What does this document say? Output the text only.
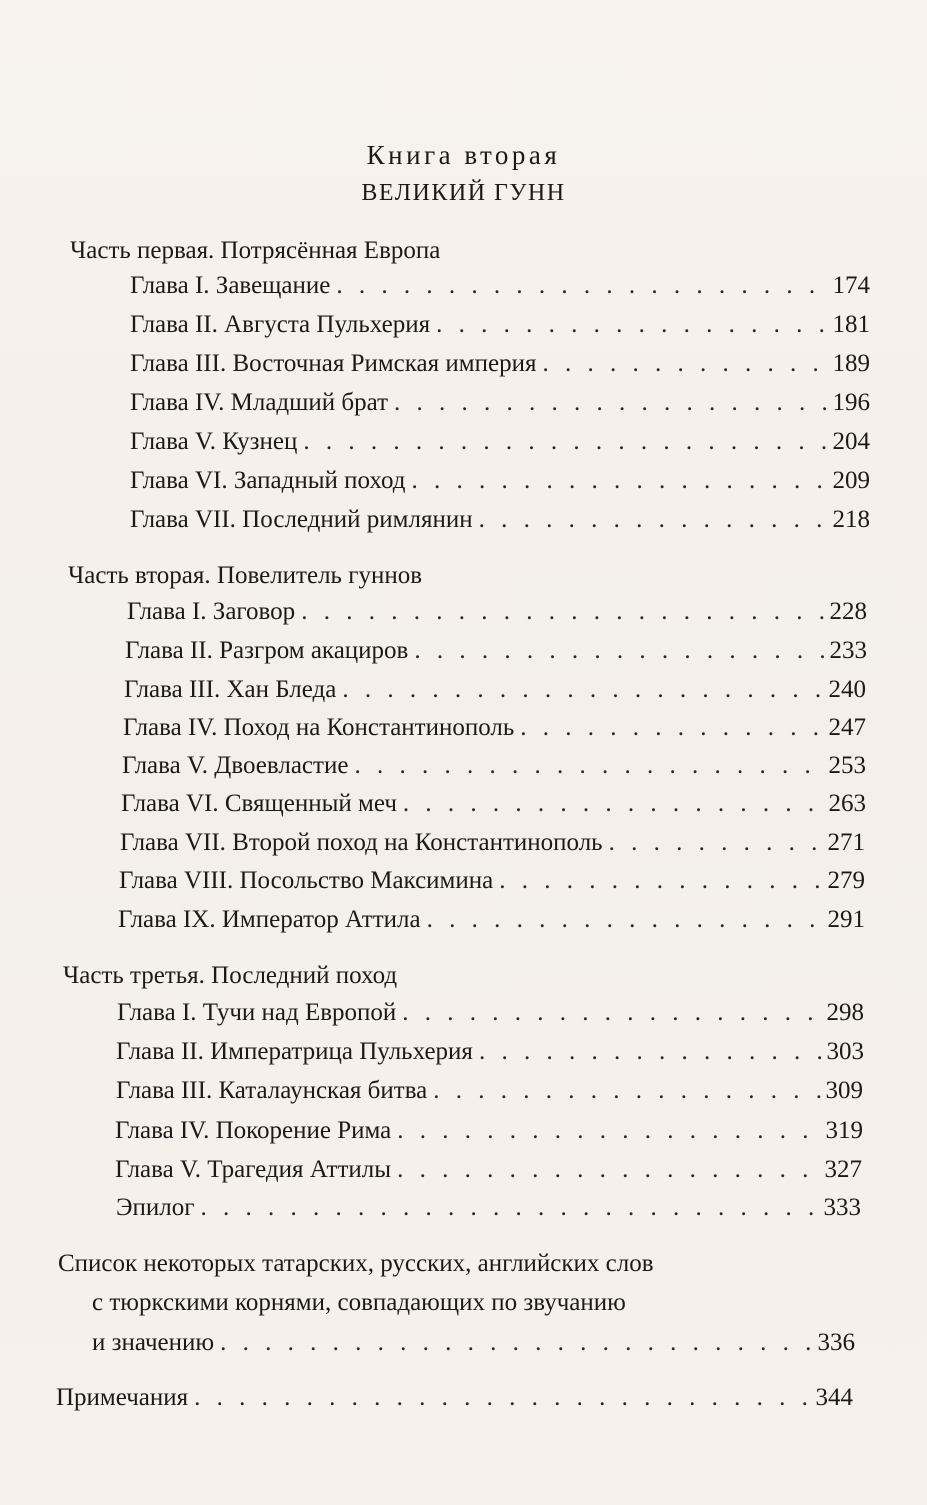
Книга вторая
ВЕЛИКИЙ ГУНН
Часть первая. Потрясённая Европа
Глава I. Завещание . . .	174
Глава II. Августа Пульхерия . . .	181
Глава III. Восточная Римская империя . . .	189
Глава IV. Младший брат . . .	196
Глава V. Кузнец . . .	204
Глава VI. Западный поход . . .	209
Глава VII. Последний римлянин . . .	218
Часть вторая. Повелитель гуннов
Глава I. Заговор . . .	228
Глава II. Разгром акациров . . .	233
Глава III. Хан Бледа . . .	240
Глава IV. Поход на Константинополь . . .	247
Глава V. Двоевластие . . .	253
Глава VI. Священный меч . . .	263
Глава VII. Второй поход на Константинополь . . .	271
Глава VIII. Посольство Максимина . . .	279
Глава IX. Император Аттила . . .	291
Часть третья. Последний поход
Глава I. Тучи над Европой . . .	298
Глава II. Императрица Пульхерия . . .	303
Глава III. Каталаунская битва . . .	309
Глава IV. Покорение Рима . . .	319
Глава V. Трагедия Аттилы . . .	327
Эпилог . . .	333
Список некоторых татарских, русских, английских слов
с тюркскими корнями, совпадающих по звучанию
и значению . . .	336
Примечания . . .	344
